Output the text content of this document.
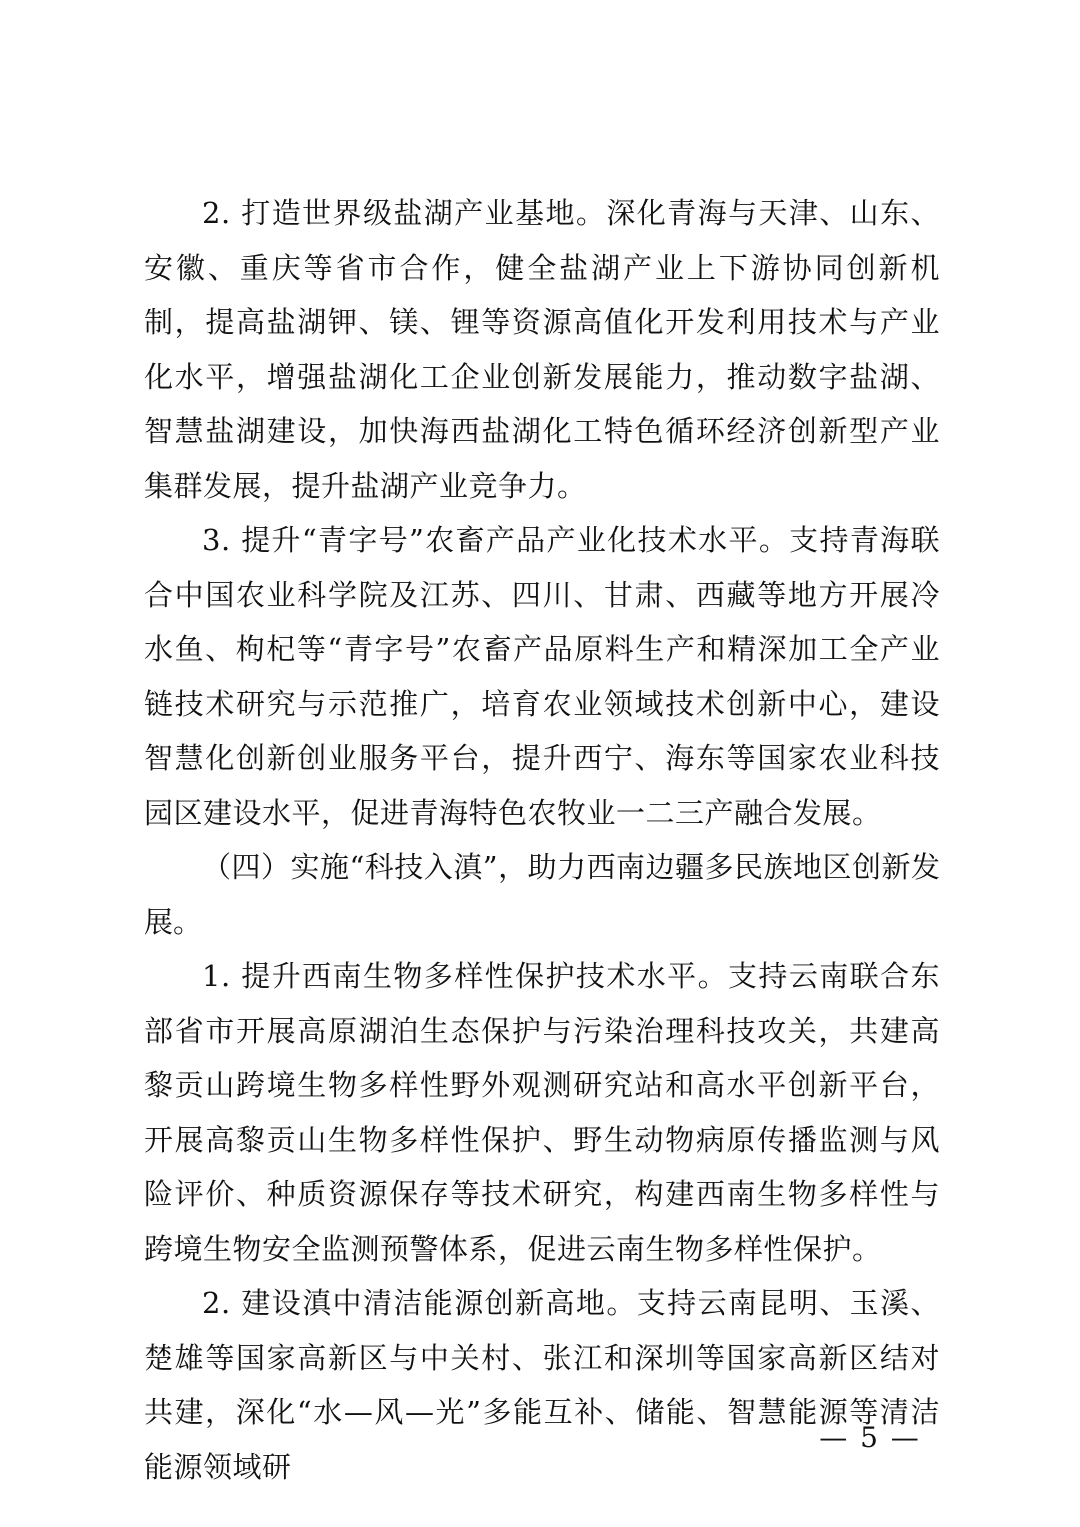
2. 打造世界级盐湖产业基地。深化青海与天津、山东、安徽、重庆等省市合作，健全盐湖产业上下游协同创新机制，提高盐湖钾、镁、锂等资源高值化开发利用技术与产业化水平，增强盐湖化工企业创新发展能力，推动数字盐湖、智慧盐湖建设，加快海西盐湖化工特色循环经济创新型产业集群发展，提升盐湖产业竞争力。

3. 提升“青字号”农畜产品产业化技术水平。支持青海联合中国农业科学院及江苏、四川、甘肃、西藏等地方开展冷水鱼、枸杞等“青字号”农畜产品原料生产和精深加工全产业链技术研究与示范推广，培育农业领域技术创新中心，建设智慧化创新创业服务平台，提升西宁、海东等国家农业科技园区建设水平，促进青海特色农牧业一二三产融合发展。

（四）实施“科技入滇”，助力西南边疆多民族地区创新发展。

1. 提升西南生物多样性保护技术水平。支持云南联合东部省市开展高原湖泊生态保护与污染治理科技攻关，共建高黎贡山跨境生物多样性野外观测研究站和高水平创新平台，开展高黎贡山生物多样性保护、野生动物病原传播监测与风险评价、种质资源保存等技术研究，构建西南生物多样性与跨境生物安全监测预警体系，促进云南生物多样性保护。

2. 建设滇中清洁能源创新高地。支持云南昆明、玉溪、楚雄等国家高新区与中关村、张江和深圳等国家高新区结对共建，深化“水—风—光”多能互补、储能、智慧能源等清洁能源领域研

— 5 —
